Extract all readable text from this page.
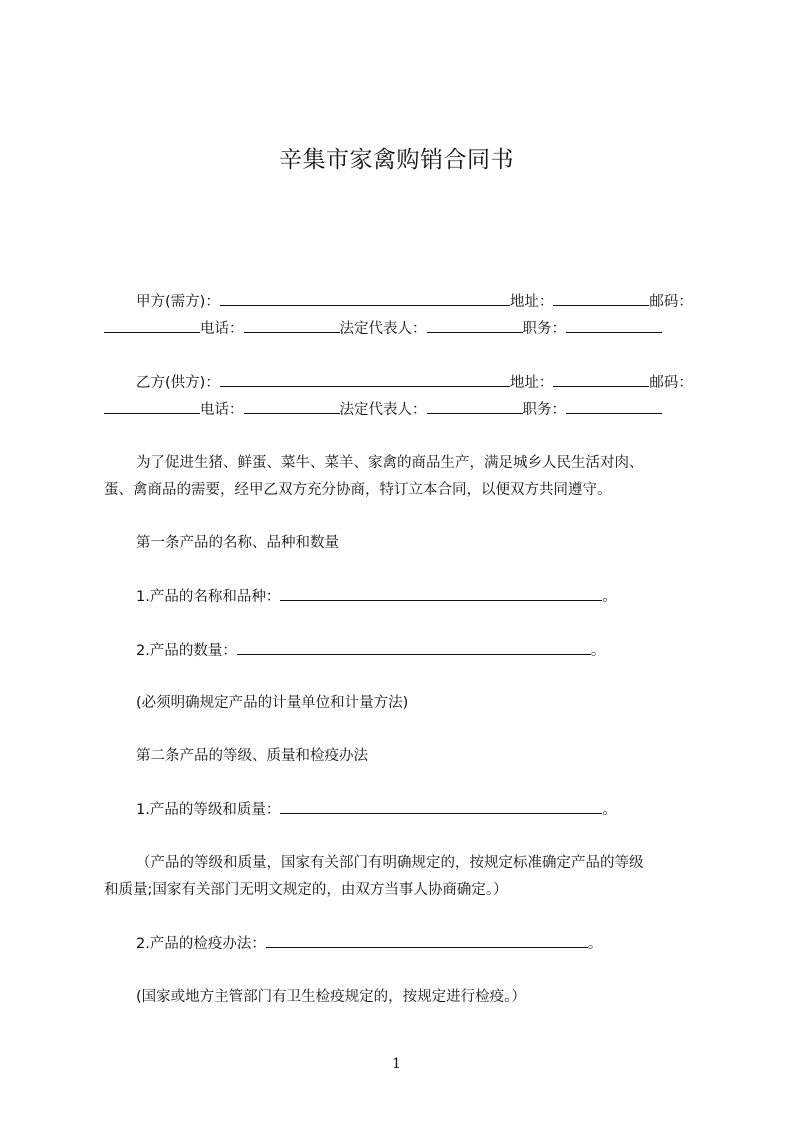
辛集市家禽购销合同书
甲方(需方)：	地址：	邮码：
电话：	法定代表人：	职务：
乙方(供方)：	地址：	邮码：
电话：	法定代表人：	职务：
为了促进生猪、鲜蛋、菜牛、菜羊、家禽的商品生产，满足城乡人民生活对肉、
蛋、禽商品的需要，经甲乙双方充分协商，特订立本合同，以便双方共同遵守。
第一条产品的名称、品种和数量
1.产品的名称和品种：	。
2.产品的数量：	。
(必须明确规定产品的计量单位和计量方法)
第二条产品的等级、质量和检疫办法
1.产品的等级和质量：	。
（产品的等级和质量，国家有关部门有明确规定的，按规定标准确定产品的等级
和质量;国家有关部门无明文规定的，由双方当事人协商确定。）
2.产品的检疫办法：	。
(国家或地方主管部门有卫生检疫规定的，按规定进行检疫。）
1
